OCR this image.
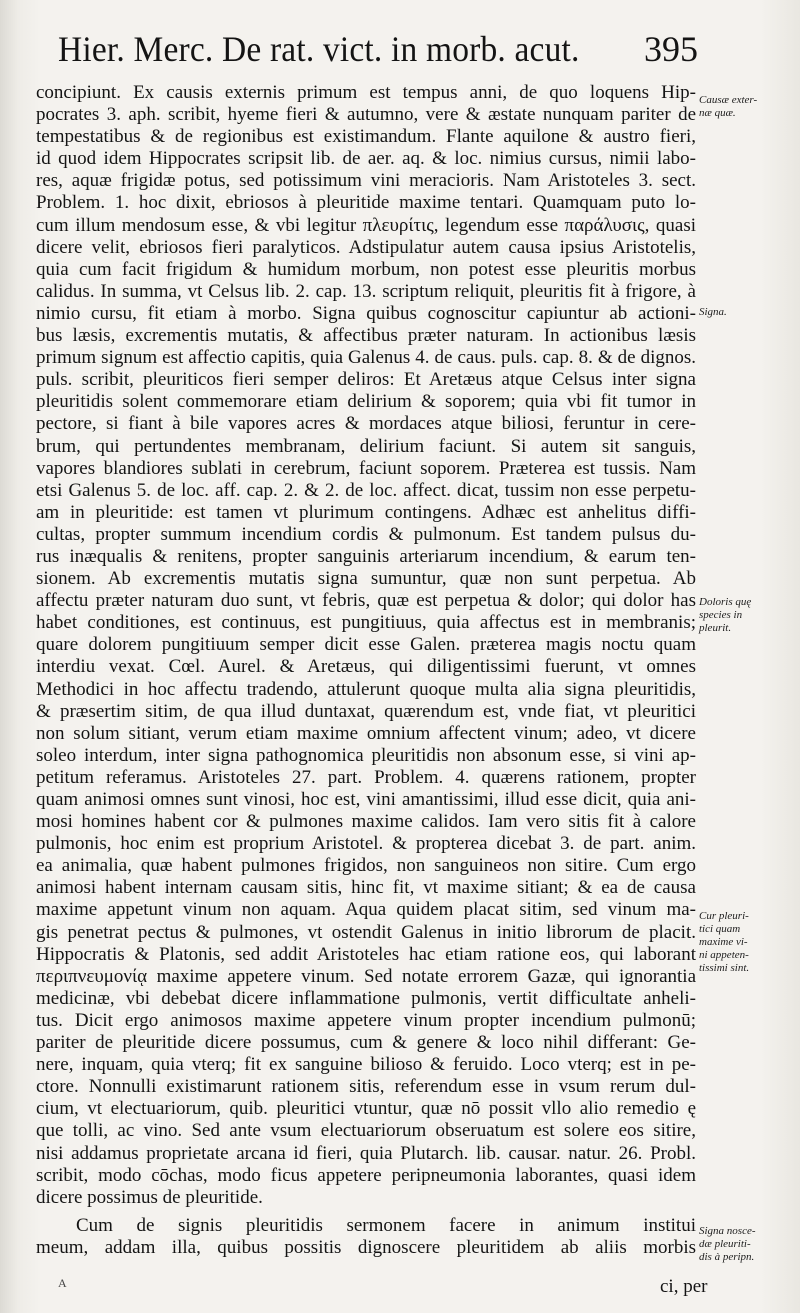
Hier. Merc. De rat. vict. in morb. acut. 395
concipiunt. Ex causis externis primum est tempus anni, de quo loquens Hip-
pocrates 3. aph. scribit, hyeme fieri & autumno, vere & æstate nunquam pariter de
tempestatibus & de regionibus est existimandum. Flante aquilone & austro fieri,
id quod idem Hippocrates scripsit lib. de aer. aq. & loc. nimius cursus, nimii labo-
res, aquæ frigidæ potus, sed potissimum vini meracioris. Nam Aristoteles 3. sect.
Problem. 1. hoc dixit, ebriosos à pleuritide maxime tentari. Quamquam puto lo-
cum illum mendosum esse, & vbi legitur πλευρίτις, legendum esse παράλυσις, quasi
dicere velit, ebriosos fieri paralyticos. Adstipulatur autem causa ipsius Aristotelis,
quia cum facit frigidum & humidum morbum, non potest esse pleuritis morbus
calidus. In summa, vt Celsus lib. 2. cap. 13. scriptum reliquit, pleuritis fit à frigore, à
nimio cursu, fit etiam à morbo. Signa quibus cognoscitur capiuntur ab actioni-
bus læsis, excrementis mutatis, & affectibus præter naturam. In actionibus læsis
primum signum est affectio capitis, quia Galenus 4. de caus. puls. cap. 8. & de dignos.
puls. scribit, pleuriticos fieri semper deliros: Et Aretæus atque Celsus inter signa
pleuritidis solent commemorare etiam delirium & soporem; quia vbi fit tumor in
pectore, si fiant à bile vapores acres & mordaces atque biliosi, feruntur in cere-
brum, qui pertundentes membranam, delirium faciunt. Si autem sit sanguis,
vapores blandiores sublati in cerebrum, faciunt soporem. Præterea est tussis. Nam
etsi Galenus 5. de loc. aff. cap. 2. & 2. de loc. affect. dicat, tussim non esse perpetu-
am in pleuritide: est tamen vt plurimum contingens. Adhæc est anhelitus diffi-
cultas, propter summum incendium cordis & pulmonum. Est tandem pulsus du-
rus inæqualis & renitens, propter sanguinis arteriarum incendium, & earum ten-
sionem. Ab excrementis mutatis signa sumuntur, quæ non sunt perpetua. Ab
affectu præter naturam duo sunt, vt febris, quæ est perpetua & dolor; qui dolor has
habet conditiones, est continuus, est pungitiuus, quia affectus est in membranis;
quare dolorem pungitiuum semper dicit esse Galen. præterea magis noctu quam
interdiu vexat. Cœl. Aurel. & Aretæus, qui diligentissimi fuerunt, vt omnes
Methodici in hoc affectu tradendo, attulerunt quoque multa alia signa pleuritidis,
& præsertim sitim, de qua illud duntaxat, quærendum est, vnde fiat, vt pleuritici
non solum sitiant, verum etiam maxime omnium affectent vinum; adeo, vt dicere
soleo interdum, inter signa pathognomica pleuritidis non absonum esse, si vini ap-
petitum referamus. Aristoteles 27. part. Problem. 4. quærens rationem, propter
quam animosi omnes sunt vinosi, hoc est, vini amantissimi, illud esse dicit, quia ani-
mosi homines habent cor & pulmones maxime calidos. Iam vero sitis fit à calore
pulmonis, hoc enim est proprium Aristotel. & propterea dicebat 3. de part. anim.
ea animalia, quæ habent pulmones frigidos, non sanguineos non sitire. Cum ergo
animosi habent internam causam sitis, hinc fit, vt maxime sitiant; & ea de causa
maxime appetunt vinum non aquam. Aqua quidem placat sitim, sed vinum ma-
gis penetrat pectus & pulmones, vt ostendit Galenus in initio librorum de placit.
Hippocratis & Platonis, sed addit Aristoteles hac etiam ratione eos, qui laborant
περιπνευμονίᾳ maxime appetere vinum. Sed notate errorem Gazæ, qui ignorantia
medicinæ, vbi debebat dicere inflammatione pulmonis, vertit difficultate anheli-
tus. Dicit ergo animosos maxime appetere vinum propter incendium pulmonū;
pariter de pleuritide dicere possumus, cum & genere & loco nihil differant: Ge-
nere, inquam, quia vterq; fit ex sanguine bilioso & feruido. Loco vterq; est in pe-
ctore. Nonnulli existimarunt rationem sitis, referendum esse in vsum rerum dul-
cium, vt electuariorum, quib. pleuritici vtuntur, quæ nō possit vllo alio remedio ę
que tolli, ac vino. Sed ante vsum electuariorum obseruatum est solere eos sitire,
nisi addamus proprietate arcana id fieri, quia Plutarch. lib. causar. natur. 26. Probl.
scribit, modo cōchas, modo ficus appetere peripneumonia laborantes, quasi idem
dicere possimus de pleuritide.
Cum de signis pleuritidis sermonem facere in animum institui
meum, addam illa, quibus possitis dignoscere pleuritidem ab aliis morbis
Causæ exter-
næ quæ.
Signa.
Doloris quę
species in
pleurit.
Cur pleuri-
tici quam
maxime vi-
ni appeten-
tissimi sint.
Signa nosce-
dæ pleuriti-
dis à peripn.
A	ci, per
